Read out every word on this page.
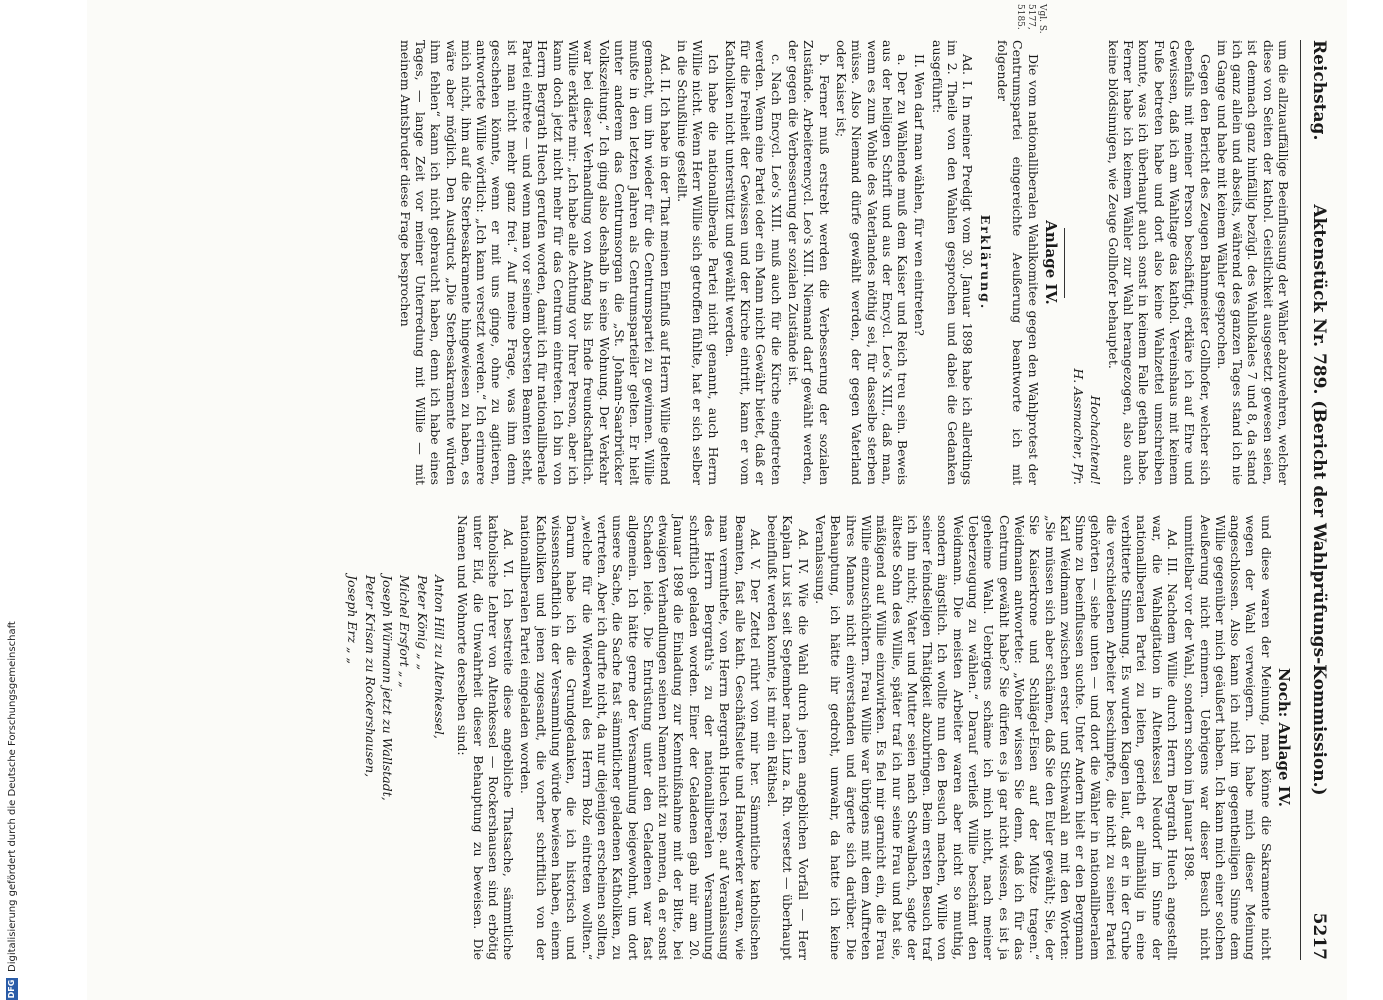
Reichstag.
Aktenstück Nr. 789. (Bericht der Wahlprüfungs-Kommission.)
5217
Vgl. S. 5177, 5185.

um die allzuauffällige Beeinflussung der Wähler abzuwehren, welcher diese von Seiten der kathol. Geistlichkeit ausgesetzt gewesen seien, ist demnach ganz hinfällig bezügl. des Wahllokales 7 und 8, da stand ich ganz allein und abseits, während des ganzen Tages stand ich nie im Gange und habe mit keinem Wähler gesprochen.

Gegen den Bericht des Zeugen Bahnmeister Gollhofer, welcher sich ebenfalls mit meiner Person beschäftigt, erkläre ich auf Ehre und Gewissen, daß ich am Wahltage das kathol. Vereinshaus mit keinem Fuße betreten habe und dort also keine Wahlzettel umschreiben konnte, was ich überhaupt auch sonst in keinem Falle gethan habe. Ferner habe ich keinem Wähler zur Wahl herangezogen, also auch keine blödsinnigen, wie Zeuge Gollhofer behauptet.

Hochachtend!

H. Assmacher, Pfr.

Anlage IV.

Die vom nationalliberalen Wahlkomitee gegen den Wahlprotest der Centrumspartei eingereichte Aeußerung beantworte ich mit folgender

Erklärung.

Ad. I. In meiner Predigt vom 30. Januar 1898 habe ich allerdings im 2. Theile von den Wahlen gesprochen und dabei die Gedanken ausgeführt:

II. Wen darf man wählen, für wen eintreten?

a. Der zu Wählende muß dem Kaiser und Reich treu sein. Beweis aus der heiligen Schrift und aus der Encycl. Leo's XIII., daß man, wenn es zum Wohle des Vaterlandes nöthig sei, für dasselbe sterben müsse. Also Niemand dürfe gewählt werden, der gegen Vaterland oder Kaiser ist;

b. Ferner muß erstrebt werden die Verbesserung der sozialen Zustände. Arbeiterencycl. Leo's XIII. Niemand darf gewählt werden, der gegen die Verbesserung der sozialen Zustände ist.

c. Nach Encycl. Leo's XIII. muß auch für die Kirche eingetreten werden. Wenn eine Partei oder ein Mann nicht Gewähr bietet, daß er für die Freiheit der Gewissen und der Kirche eintritt, kann er vom Katholiken nicht unterstützt und gewählt werden.

Ich habe die nationalliberale Partei nicht genannt, auch Herrn Willie nicht. Wenn Herr Willie sich getroffen fühlte, hat er sich selber in die Schußlinie gestellt.

Ad. II. Ich habe in der That meinen Einfluß auf Herrn Willie geltend gemacht, um ihn wieder für die Centrumspartei zu gewinnen. Willie mußte in den letzten Jahren als Centrumsparteiler gelten. Er hielt unter anderem das Centrumsorgan die „St. Johann-Saarbrücker Volkszeitung.“ Ich ging also deshalb in seine Wohnung. Der Verkehr war bei dieser Verhandlung von Anfang bis Ende freundschaftlich. Willie erklärte mir: „Ich habe alle Achtung vor Ihrer Person, aber ich kann doch jetzt nicht mehr für das Centrum eintreten. Ich bin von Herrn Bergrath Huech gerufen worden, damit ich für nationalliberale Partei eintrete — und wenn man vor seinem obersten Beamten steht, ist man nicht mehr ganz frei.“ Auf meine Frage, was ihm denn geschehen könnte, wenn er mit uns ginge, ohne zu agitieren, antwortete Willie wörtlich: „Ich kann versetzt werden.“ Ich erinnere mich nicht, ihm auf die Sterbesakramente hingewiesen zu haben, es wäre aber möglich. Den Ausdruck „Die Sterbesakramente würden ihm fehlen“ kann ich nicht gebraucht haben, denn ich habe eines Tages, — lange Zeit vor meiner Unterredung mit Willie — mit meinem Amtsbruder diese Frage besprochen

Noch: Anlage IV.

und diese waren der Meinung, man könne die Sakramente nicht wegen der Wahl verweigern. Ich habe mich dieser Meinung angeschlossen. Also kann ich nicht im gegentheiligen Sinne dem Willie gegenüber mich geäußert haben. Ich kann mich einer solchen Aeußerung nicht erinnern. Uebrigens war dieser Besuch nicht unmittelbar vor der Wahl, sondern schon im Januar 1898.

Ad. III. Nachdem Willie durch Herrn Bergrath Huech angestellt war, die Wahlagitation in Altenkessel Neudorf im Sinne der nationalliberalen Partei zu leiten, gerieth er allmählig in eine verbitterte Stimmung. Es wurden Klagen laut, daß er in der Grube die verschiedenen Arbeiter beschimpfte, die nicht zu seiner Partei gehörten — siehe unten — und dort die Wähler in nationalliberalem Sinne zu beeinflussen suchte. Unter Andern hielt er den Bergmann Karl Weidmann zwischen erster und Stichwahl an mit den Worten: „Sie müssen sich aber schämen, daß Sie den Euler gewählt; Sie, der Sie Kaiserkrone und Schlägel-Eisen auf der Mütze tragen.“ Weidmann antwortete: „Woher wissen Sie denn, daß ich für das Centrum gewählt habe? Sie dürfen es ja gar nicht wissen, es ist ja geheime Wahl. Uebrigens schäme ich mich nicht, nach meiner Ueberzeugung zu wählen.“ Darauf verließ Willie beschämt den Weidmann. Die meisten Arbeiter waren aber nicht so muthig, sondern ängstlich. Ich wollte nun den Besuch machen, Willie von seiner feindseligen Thätigkeit abzubringen. Beim ersten Besuch traf ich ihn nicht; Vater und Mutter seien nach Schwalbach, sagte der älteste Sohn des Willie, später traf ich nur seine Frau und bat sie, mäßigend auf Willie einzuwirken. Es fiel mir garnicht ein, die Frau Willie einzuschüchtern. Frau Willie war übrigens mit dem Auftreten ihres Mannes nicht einverstanden und ärgerte sich darüber. Die Behauptung, ich hätte ihr gedroht, umwahr, da hatte ich keine Veranlassung.

Ad. IV. Wie die Wahl durch jenen angeblichen Vorfall — Herr Kaplan Lux ist seit September nach Linz a. Rh. versetzt — überhaupt beeinflußt werden konnte, ist mir ein Räthsel.

Ad. V. Der Zettel rührt von mir her. Sämmtliche katholischen Beamten, fast alle kath. Geschäftsleute und Handwerker waren, wie man vermuthete, von Herrn Bergrath Huech resp. auf Veranlassung des Herrn Bergrath's zu der nationalliberalen Versammlung schriftlich geladen worden. Einer der Geladenen gab mir am 20. Januar 1898 die Einladung zur Kenntnißnahme mit der Bitte, bei etwaigen Verhandlungen seinen Namen nicht zu nennen, da er sonst Schaden leide. Die Entrüstung unter den Geladenen war fast allgemein. Ich hätte gerne der Versammlung beigewohnt, um dort unsere Sache, die Sache fast sämmtlicher geladenen Katholiken, zu vertreten. Aber ich durfte nicht, da nur diejenigen erscheinen sollten, „welche für die Wiederwahl des Herrn Bolz eintreten wollten.“ Darum habe ich die Grundgedanken, die ich historisch und wissenschaftlich in der Versammlung würde bewiesen haben, einem Katholiken und jenen zugesandt, die vorher schriftlich von der nationalliberalen Partei eingeladen worden.

Ad. VI. Ich bestreite diese angebliche Thatsache, sämmtliche katholische Lehrer von Altenkessel — Rockershausen sind erbötig unter Eid, die Unwahrheit dieser Behauptung zu beweisen. Die Namen und Wohnorte derselben sind:

Anton Hill zu Altenkessel,
Peter König „ „
Michel Ersfort „ „
Joseph Würmann jetzt zu Wallstadt,
Peter Krisan zu Rockershausen,
Joseph Erz „ „
DFG
Digitalisierung gefördert durch die Deutsche Forschungsgemeinschaft
